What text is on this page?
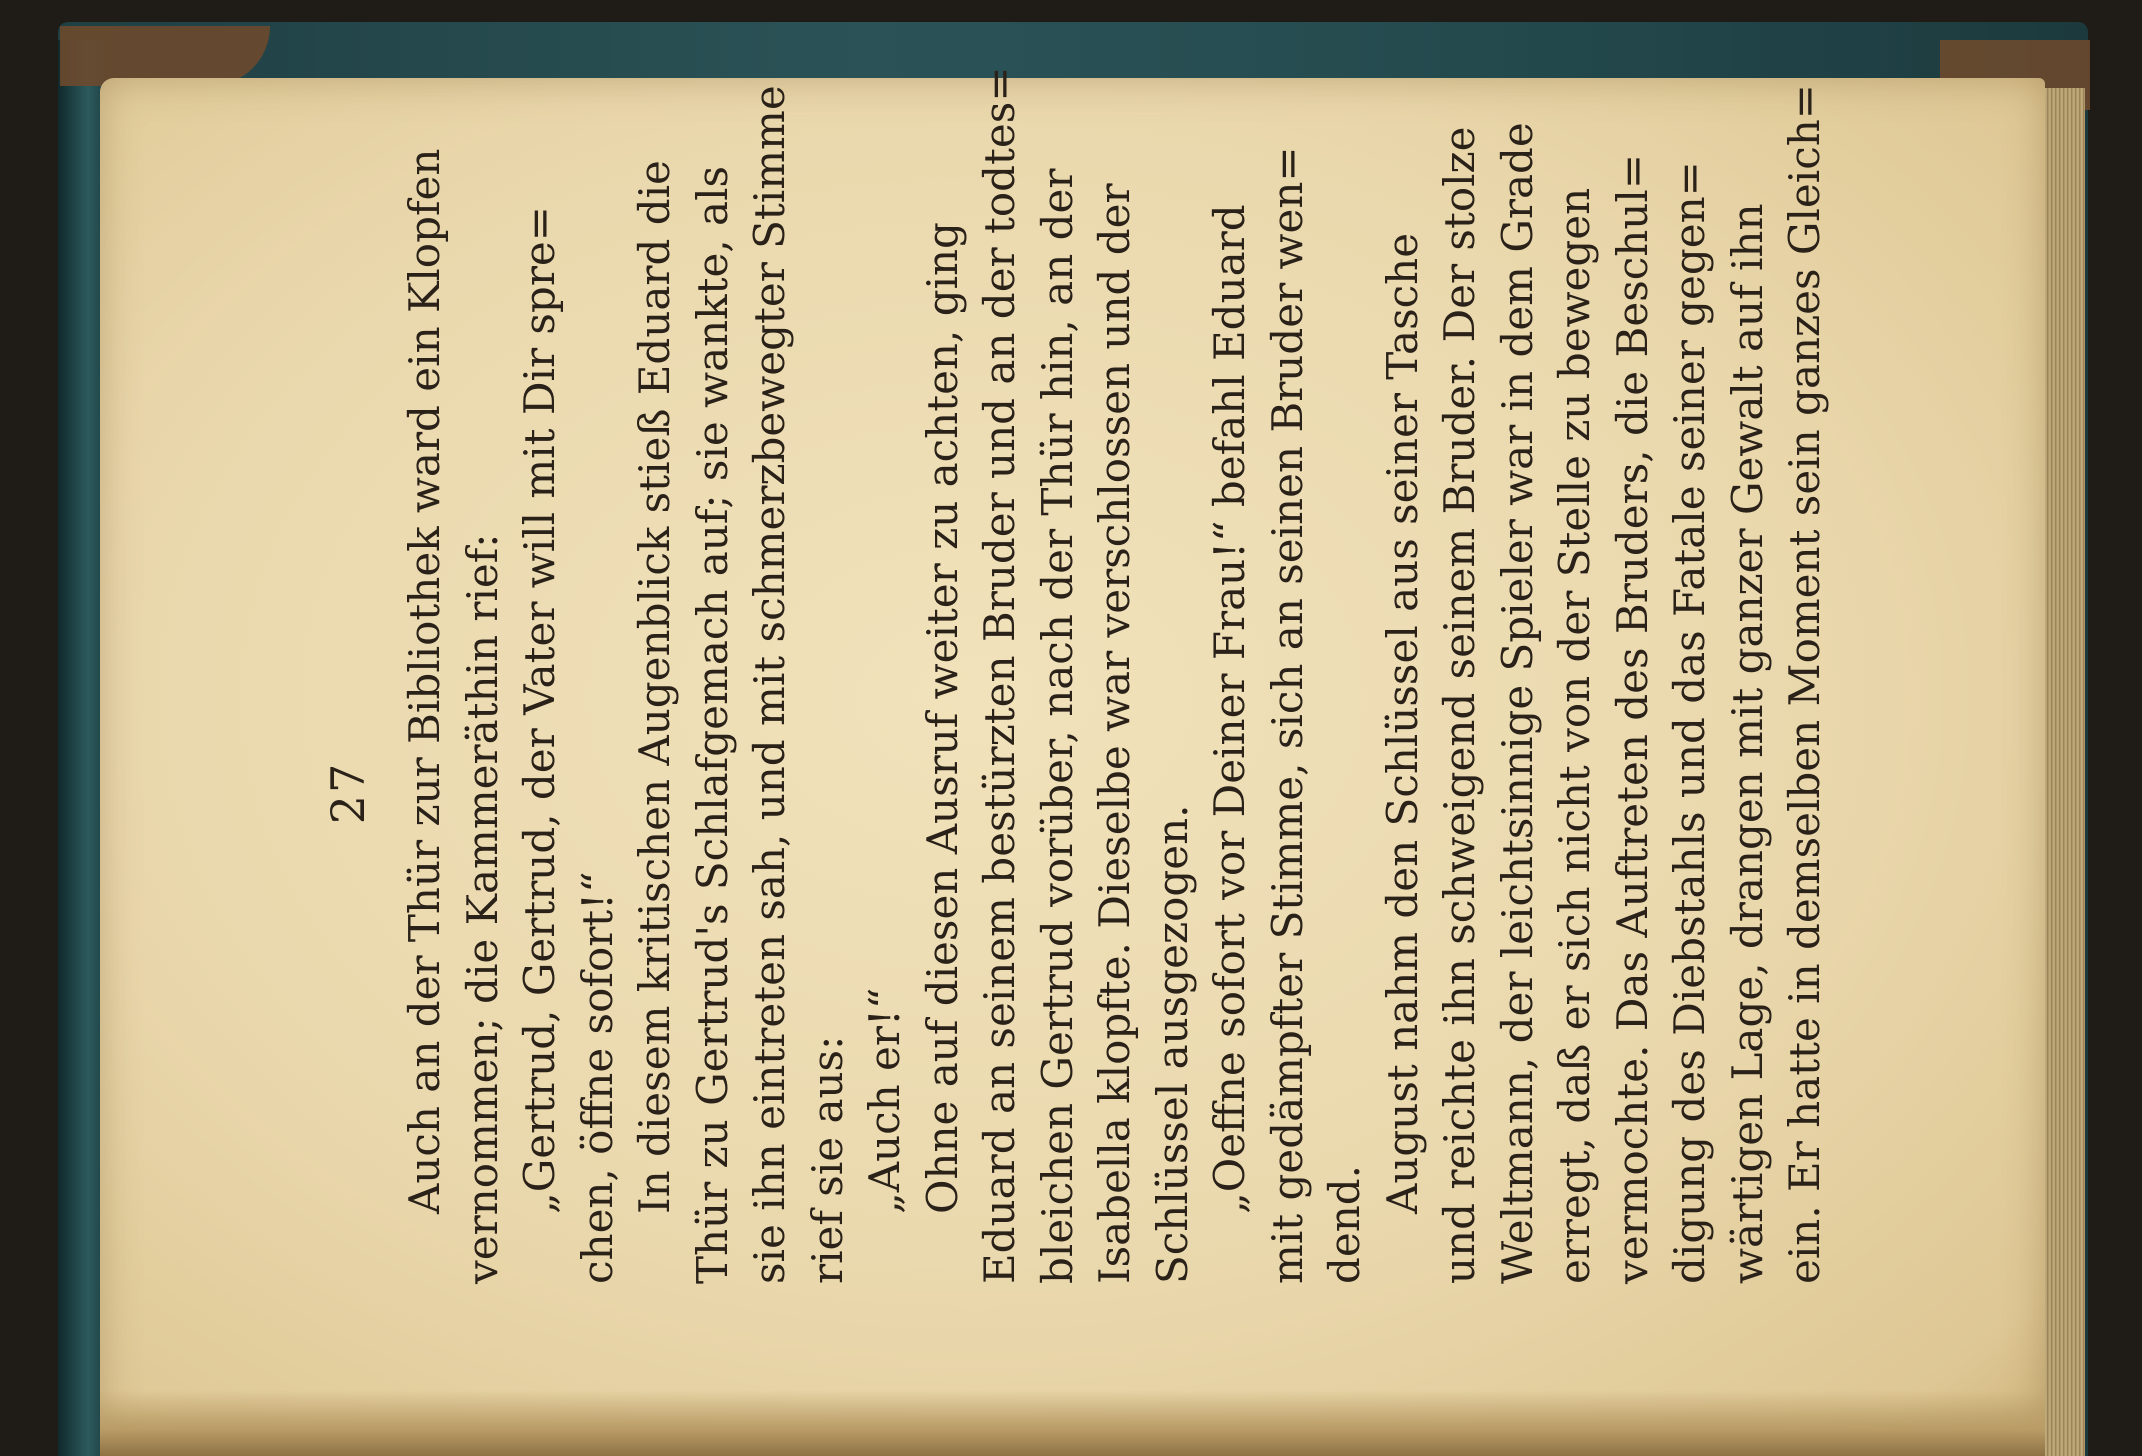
27 Auch an der Thür zur Bibliothek ward ein Klopfen vernommen; die Kammeräthin rief: „Gertrud, Gertrud, der Vater will mit Dir spre= chen, öffne sofort!“ In diesem kritischen Augenblick stieß Eduard die Thür zu Gertrud's Schlafgemach auf; sie wankte, als sie ihn eintreten sah, und mit schmerzbewegter Stimme rief sie aus: „Auch er!“ Ohne auf diesen Ausruf weiter zu achten, ging Eduard an seinem bestürzten Bruder und an der todtes= bleichen Gertrud vorüber, nach der Thür hin, an der Isabella klopfte. Dieselbe war verschlossen und der Schlüssel ausgezogen. „Oeffne sofort vor Deiner Frau!“ befahl Eduard mit gedämpfter Stimme, sich an seinen Bruder wen= dend.
August nahm den Schlüssel aus seiner Tasche und reichte ihn schweigend seinem Bruder. Der stolze Weltmann, der leichtsinnige Spieler war in dem Grade erregt, daß er sich nicht von der Stelle zu bewegen vermochte. Das Auftreten des Bruders, die Beschul= digung des Diebstahls und das Fatale seiner gegen= wärtigen Lage, drangen mit ganzer Gewalt auf ihn ein. Er hatte in demselben Moment sein ganzes Gleich=
